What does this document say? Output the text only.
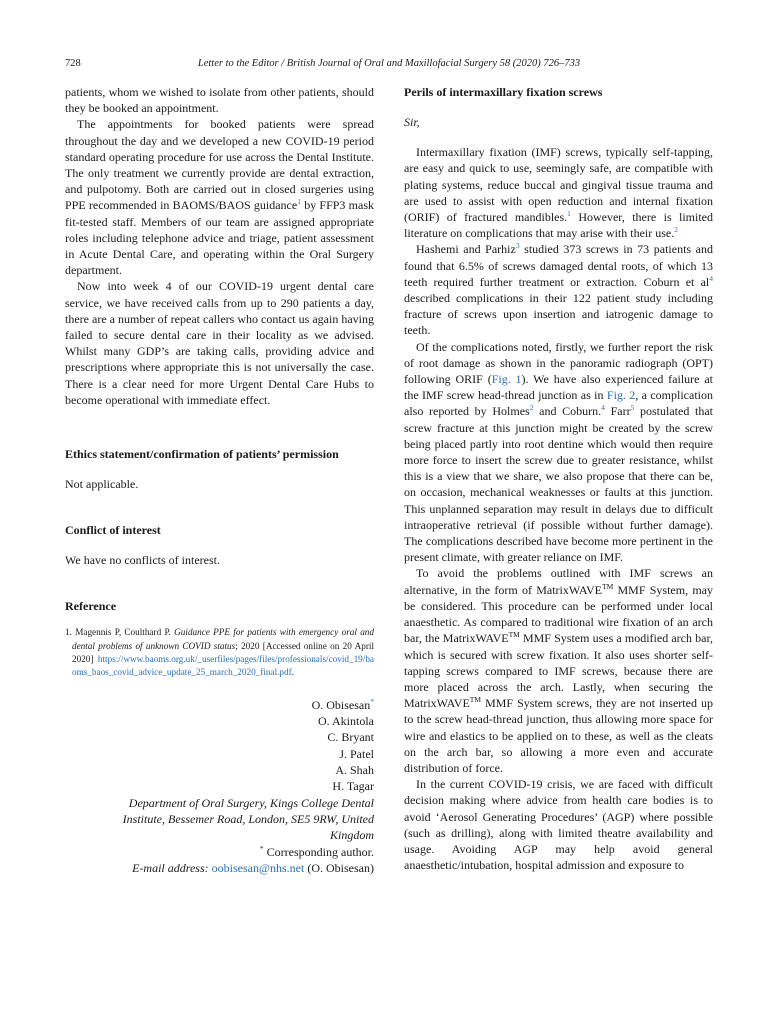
728	Letter to the Editor / British Journal of Oral and Maxillofacial Surgery 58 (2020) 726–733

patients, whom we wished to isolate from other patients, should they be booked an appointment.

The appointments for booked patients were spread throughout the day and we developed a new COVID-19 period standard operating procedure for use across the Dental Institute. The only treatment we currently provide are dental extraction, and pulpotomy. Both are carried out in closed surgeries using PPE recommended in BAOMS/BAOS guidance$^1$ by FFP3 mask fit-tested staff. Members of our team are assigned appropriate roles including telephone advice and triage, patient assessment in Acute Dental Care, and operating within the Oral Surgery department.

Now into week 4 of our COVID-19 urgent dental care service, we have received calls from up to 290 patients a day, there are a number of repeat callers who contact us again having failed to secure dental care in their locality as we advised. Whilst many GDP’s are taking calls, providing advice and prescriptions where appropriate this is not universally the case. There is a clear need for more Urgent Dental Care Hubs to become operational with immediate effect.

Ethics statement/confirmation of patients’ permission

Not applicable.

Conflict of interest

We have no conflicts of interest.

Reference
1. Magennis P, Coulthard P. Guidance PPE for patients with emergency oral and dental problems of unknown COVID status; 2020 [Accessed online on 20 April 2020] https://www.baoms.org.uk/_userfiles/pages/files/professionals/covid_19/baoms_baos_covid_advice_update_25_march_2020_final.pdf.
O. Obisesan*
O. Akintola
C. Bryant
J. Patel
A. Shah
H. Tagar
Department of Oral Surgery, Kings College Dental Institute, Bessemer Road, London, SE5 9RW, United Kingdom
* Corresponding author.
E-mail address: oobisesan@nhs.net (O. Obisesan)
Perils of intermaxillary fixation screws

Sir,

Intermaxillary fixation (IMF) screws, typically self-tapping, are easy and quick to use, seemingly safe, are compatible with plating systems, reduce buccal and gingival tissue trauma and are used to assist with open reduction and internal fixation (ORIF) of fractured mandibles.$^1$ However, there is limited literature on complications that may arise with their use.$^2$

Hashemi and Parhiz$^3$ studied 373 screws in 73 patients and found that 6.5% of screws damaged dental roots, of which 13 teeth required further treatment or extraction. Coburn et $al^4$ described complications in their 122 patient study including fracture of screws upon insertion and iatrogenic damage to teeth.

Of the complications noted, firstly, we further report the risk of root damage as shown in the panoramic radiograph (OPT) following ORIF (Fig. 1). We have also experienced failure at the IMF screw head-thread junction as in Fig. 2, a complication also reported by Holmes$^2$ and Coburn.$^4$ Farr$^5$ postulated that screw fracture at this junction might be created by the screw being placed partly into root dentine which would then require more force to insert the screw due to greater resistance, whilst this is a view that we share, we also propose that there can be, on occasion, mechanical weaknesses or faults at this junction. This unplanned separation may result in delays due to difficult intraoperative retrieval (if possible without further damage). The complications described have become more pertinent in the present climate, with greater reliance on IMF.

To avoid the problems outlined with IMF screws an alternative, in the form of MatrixWAVE™ MMF System, may be considered. This procedure can be performed under local anaesthetic. As compared to traditional wire fixation of an arch bar, the MatrixWAVE™ MMF System uses a modified arch bar, which is secured with screw fixation. It also uses shorter self-tapping screws compared to IMF screws, because there are more placed across the arch. Lastly, when securing the MatrixWAVE™ MMF System screws, they are not inserted up to the screw head-thread junction, thus allowing more space for wire and elastics to be applied on to these, as well as the cleats on the arch bar, so allowing a more even and accurate distribution of force.

In the current COVID-19 crisis, we are faced with difficult decision making where advice from health care bodies is to avoid ‘Aerosol Generating Procedures’ (AGP) where possible (such as drilling), along with limited theatre availability and usage. Avoiding AGP may help avoid general anaesthetic/intubation, hospital admission and exposure to
